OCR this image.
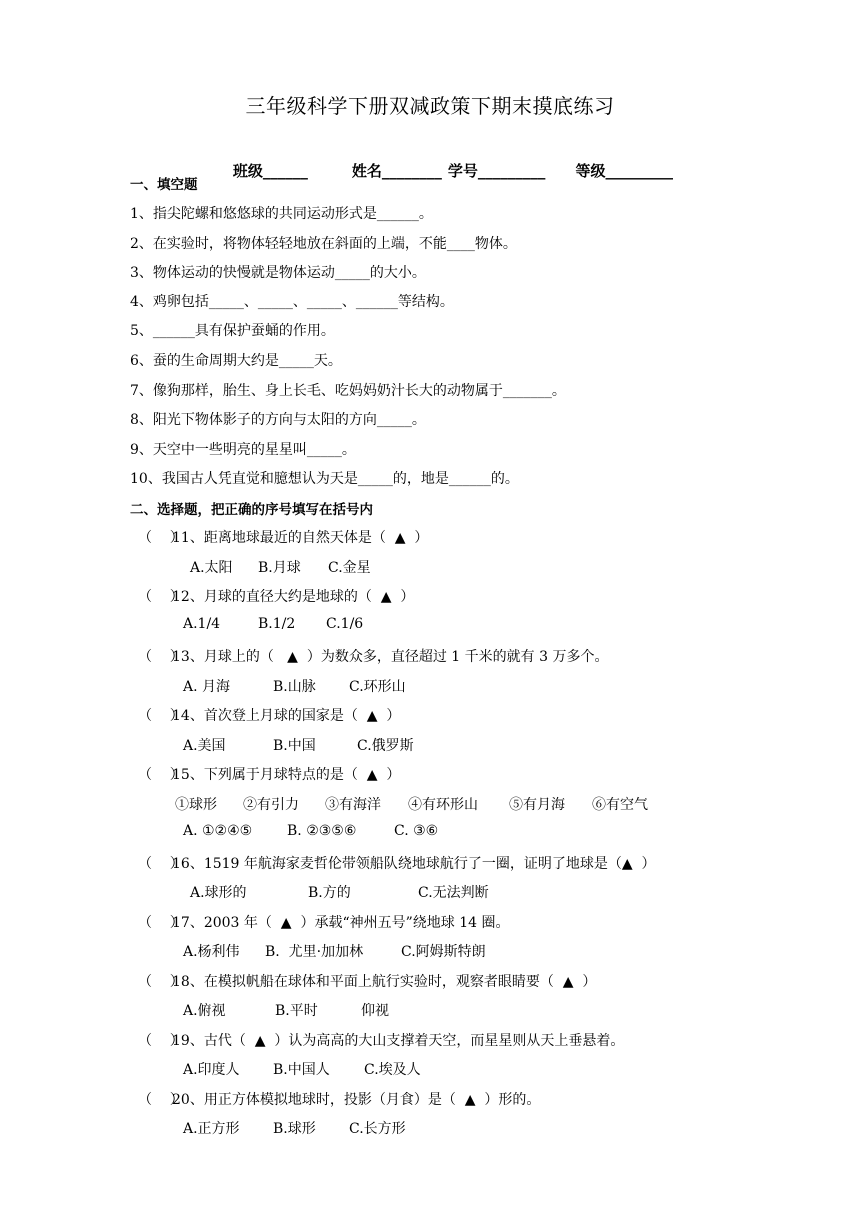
三年级科学下册双减政策下期末摸底练习

班级______	姓名________ 学号_________ 等级_________

一、填空题
1、指尖陀螺和悠悠球的共同运动形式是______。
2、在实验时，将物体轻轻地放在斜面的上端，不能____物体。
3、物体运动的快慢就是物体运动_____的大小。
4、鸡卵包括_____、_____、_____、______等结构。
5、______具有保护蚕蛹的作用。
6、蚕的生命周期大约是_____天。
7、像狗那样，胎生、身上长毛、吃妈妈奶汁长大的动物属于_______。
8、阳光下物体影子的方向与太阳的方向_____。
9、天空中一些明亮的星星叫_____。
10、我国古人凭直觉和臆想认为天是_____的，地是______的。
二、选择题，把正确的序号填写在括号内
（    ）11、距离地球最近的自然天体是（  ▲  ）
A.太阳 B.月球 C.金星
（    ）12、月球的直径大约是地球的（  ▲  ）
A.1/4	B.1/2 C.1/6
（    ）13、月球上的（   ▲  ）为数众多，直径超过 1 千米的就有 3 万多个。
A. 月海	B.山脉 C.环形山
（    ）14、首次登上月球的国家是（  ▲  ）
A.美国	B.中国	C.俄罗斯
（    ）15、下列属于月球特点的是（  ▲  ）
①球形 ②有引力 ③有海洋 ④有环形山 ⑤有月海 ⑥有空气
A. ①②④⑤ B. ②③⑤⑥	C. ③⑥
（    ）16、1519 年航海家麦哲伦带领船队绕地球航行了一圈，证明了地球是（▲  ）
A.球形的	B.方的	C.无法判断
（    ）17、2003 年（  ▲  ）承载“神州五号”绕地球 14 圈。
A.杨利伟 B.  尤里·加加林	C.阿姆斯特朗
（    ）18、在模拟帆船在球体和平面上航行实验时，观察者眼睛要（  ▲  ）
A.俯视	B.平时	仰视
（    ）19、古代（  ▲  ）认为高高的大山支撑着天空，而星星则从天上垂悬着。
A.印度人 B.中国人 C.埃及人
（    ）20、用正方体模拟地球时，投影（月食）是（  ▲  ）形的。
A.正方形 B.球形 C.长方形
